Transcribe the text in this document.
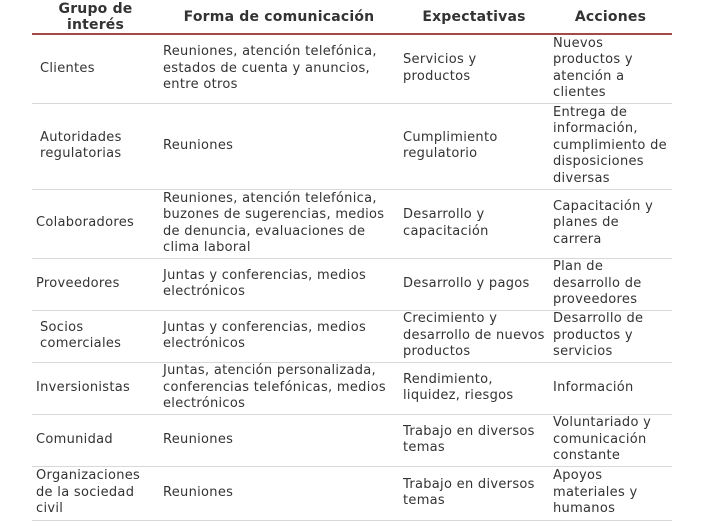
Grupo de interés	Forma de comunicación	Expectativas	Acciones
Clientes	Reuniones, atención telefónica, estados de cuenta y anuncios, entre otros	Servicios y productos	Nuevos productos y atención a clientes
Autoridades regulatorias	Reuniones	Cumplimiento regulatorio	Entrega de información, cumplimiento de disposiciones diversas
Colaboradores	Reuniones, atención telefónica, buzones de sugerencias, medios de denuncia, evaluaciones de clima laboral	Desarrollo y capacitación	Capacitación y planes de carrera
Proveedores	Juntas y conferencias, medios electrónicos	Desarrollo y pagos	Plan de desarrollo de proveedores
Socios comerciales	Juntas y conferencias, medios electrónicos	Crecimiento y desarrollo de nuevos productos	Desarrollo de productos y servicios
Inversionistas	Juntas, atención personalizada, conferencias telefónicas, medios electrónicos	Rendimiento, liquidez, riesgos	Información
Comunidad	Reuniones	Trabajo en diversos temas	Voluntariado y comunicación constante
Organizaciones de la sociedad civil	Reuniones	Trabajo en diversos temas	Apoyos materiales y humanos
